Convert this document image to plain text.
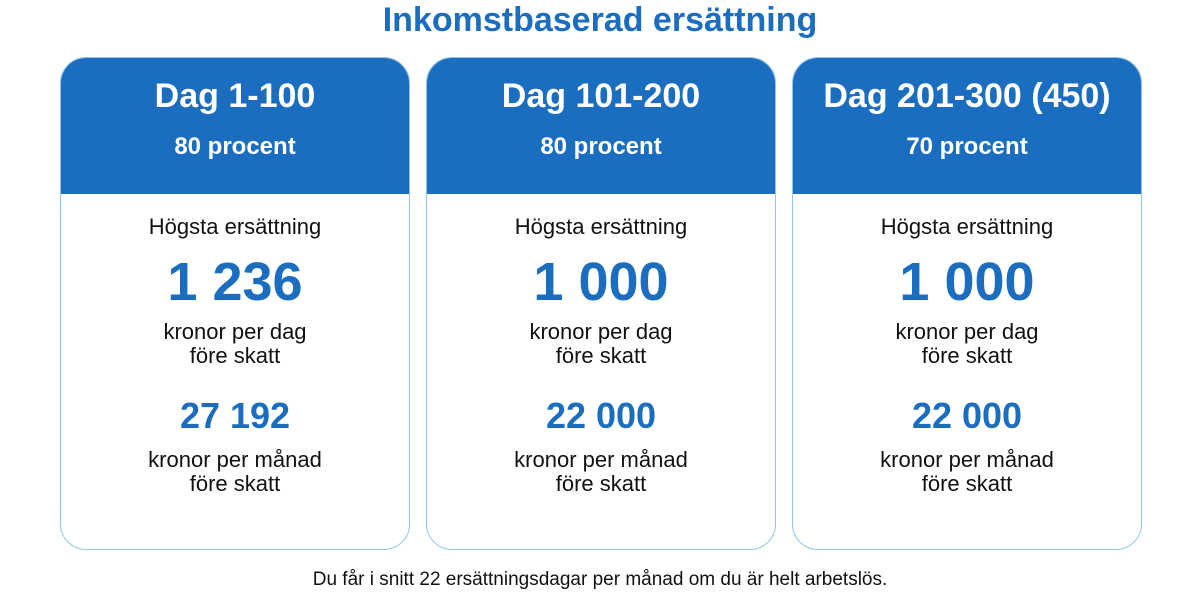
Inkomstbaserad ersättning
Dag 1-100
80 procent
Högsta ersättning
1 236
kronor per dag
före skatt
27 192
kronor per månad
före skatt
Dag 101-200
80 procent
Högsta ersättning
1 000
kronor per dag
före skatt
22 000
kronor per månad
före skatt
Dag 201-300 (450)
70 procent
Högsta ersättning
1 000
kronor per dag
före skatt
22 000
kronor per månad
före skatt
Du får i snitt 22 ersättningsdagar per månad om du är helt arbetslös.
